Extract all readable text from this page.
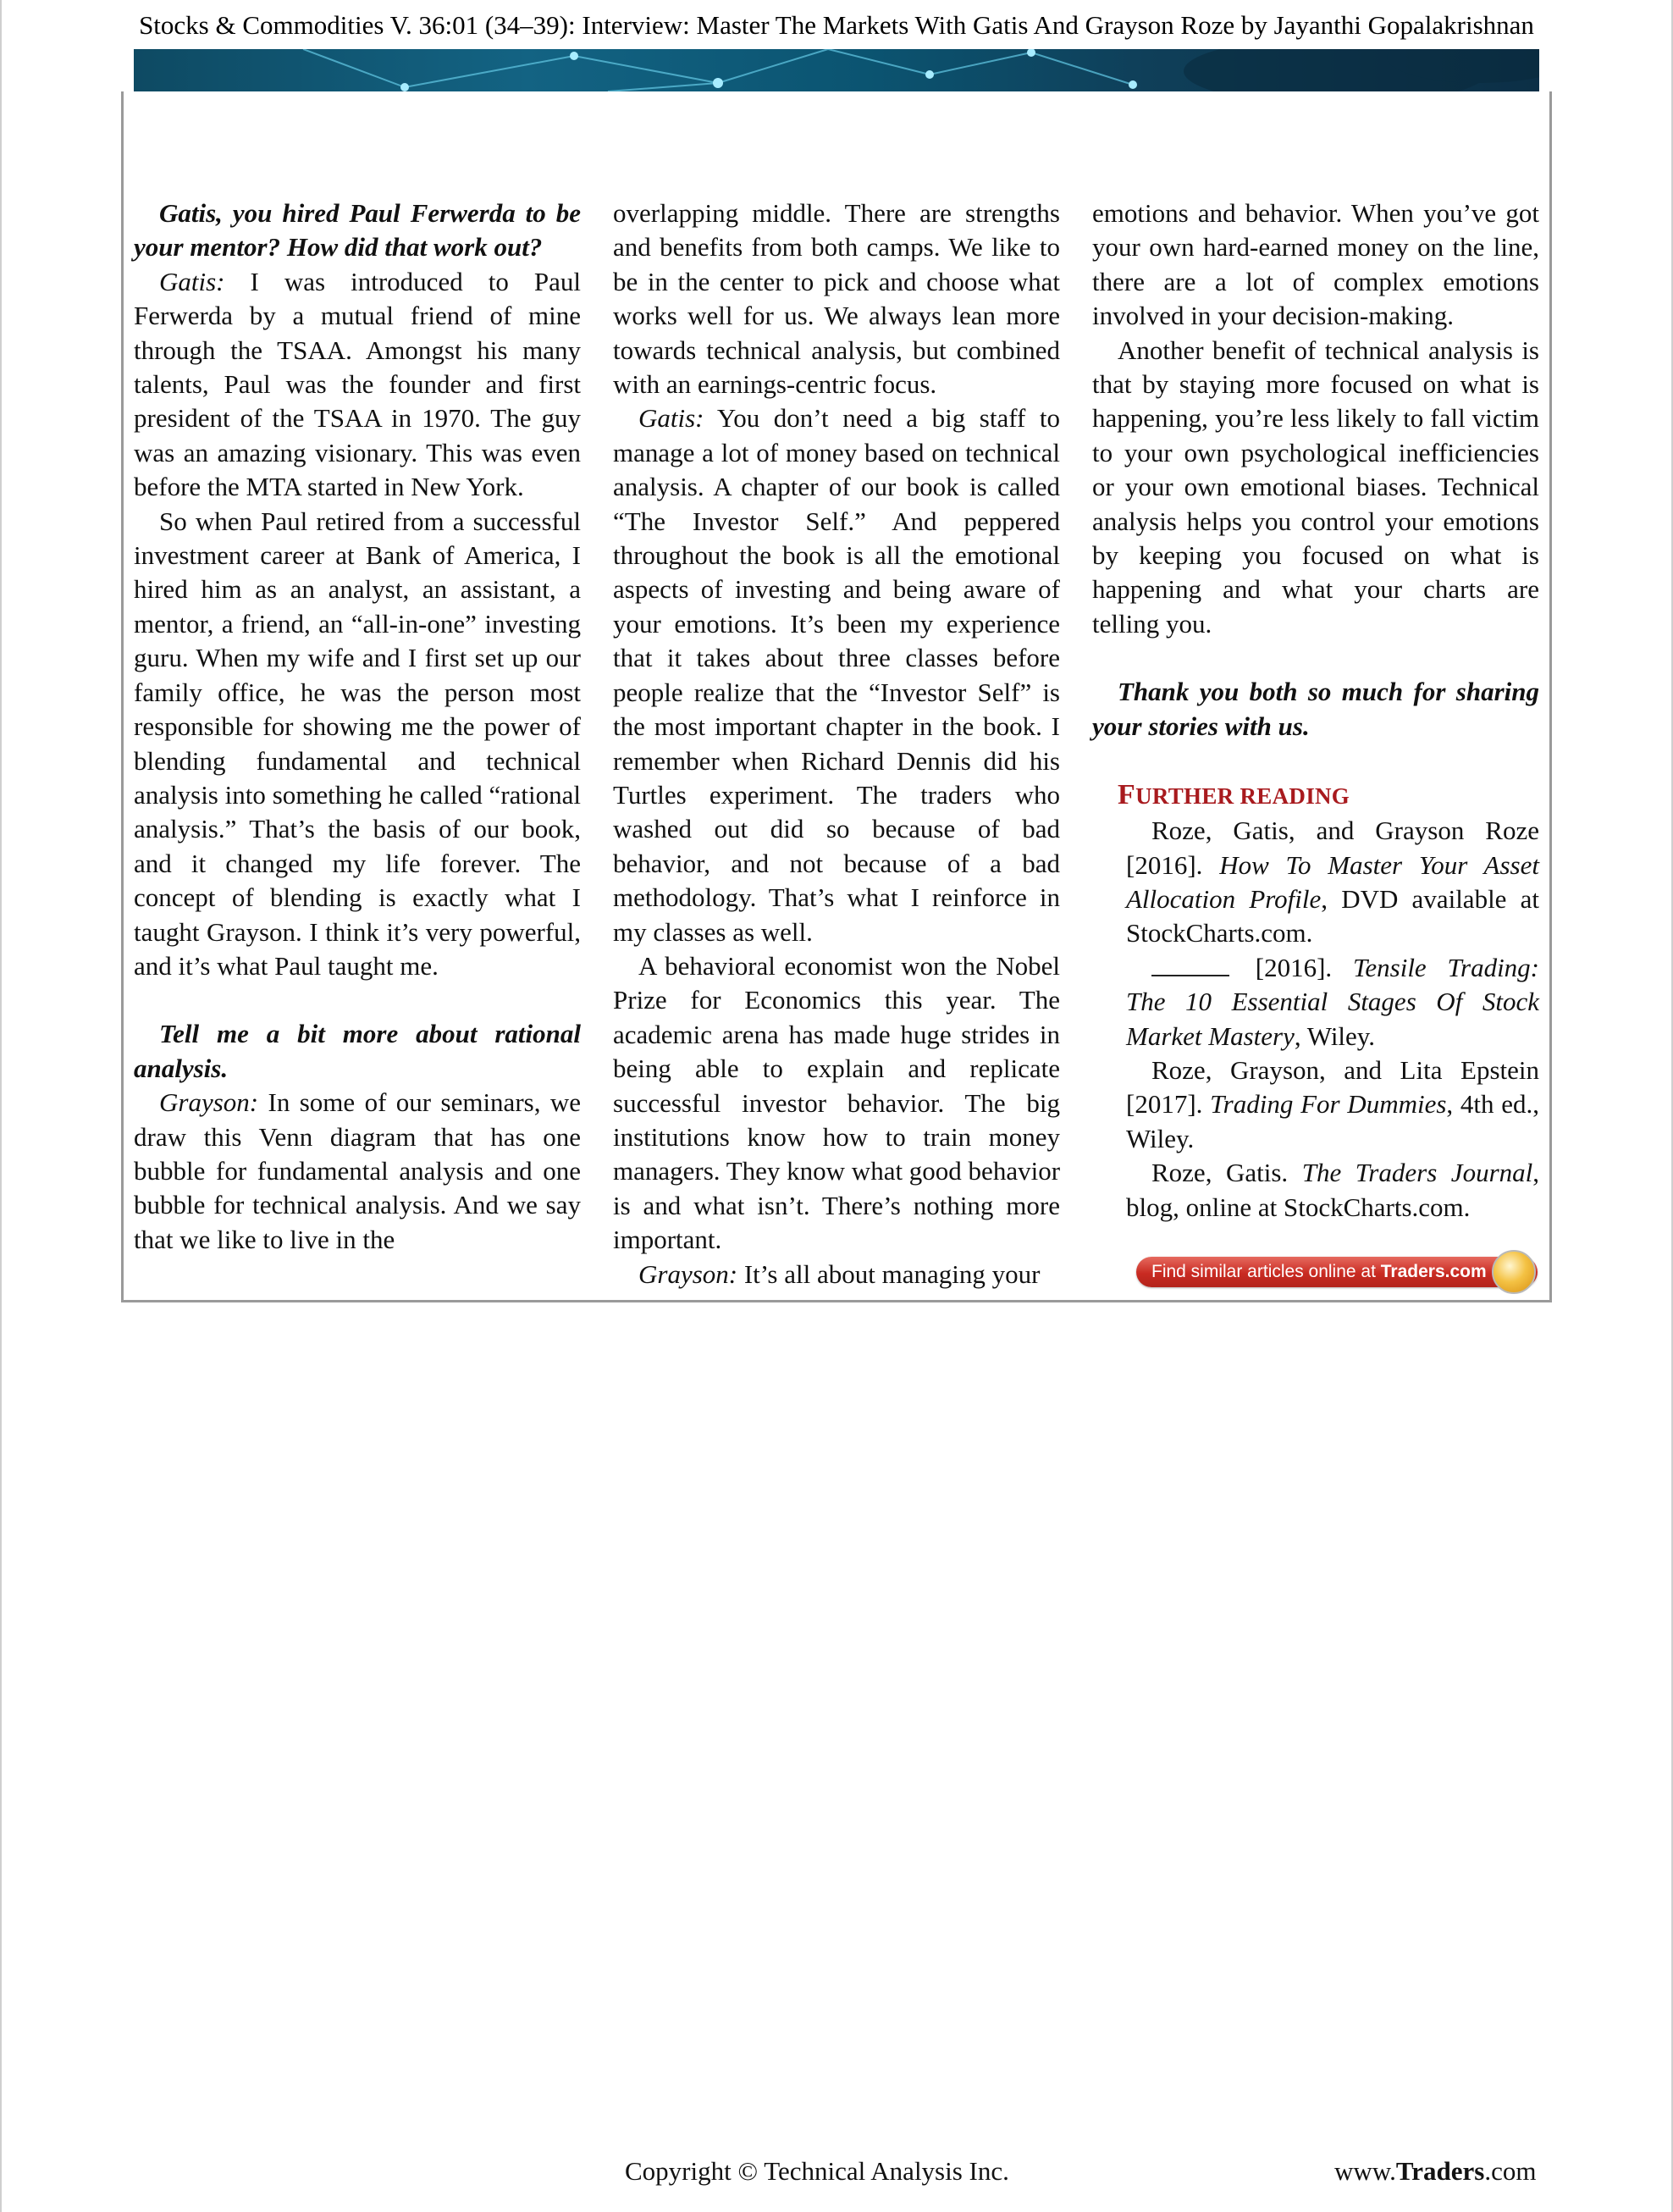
Stocks & Commodities V. 36:01 (34–39): Interview: Master The Markets With Gatis And Grayson Roze by Jayanthi Gopalakrishnan

Gatis, you hired Paul Ferwerda to be your mentor? How did that work out?

Gatis: I was introduced to Paul Ferwerda by a mutual friend of mine through the TSAA. Amongst his many talents, Paul was the founder and first president of the TSAA in 1970. The guy was an amazing visionary. This was even before the MTA started in New York.

So when Paul retired from a successful investment career at Bank of America, I hired him as an analyst, an assistant, a mentor, a friend, an “all-in-one” investing guru. When my wife and I first set up our family office, he was the person most responsible for showing me the power of blending fundamental and technical analysis into something he called “rational analysis.” That’s the basis of our book, and it changed my life forever. The concept of blending is exactly what I taught Grayson. I think it’s very powerful, and it’s what Paul taught me.

Tell me a bit more about rational analysis.

Grayson: In some of our seminars, we draw this Venn diagram that has one bubble for fundamental analysis and one bubble for technical analysis. And we say that we like to live in the

overlapping middle. There are strengths and benefits from both camps. We like to be in the center to pick and choose what works well for us. We always lean more towards technical analysis, but combined with an earnings-centric focus.

Gatis: You don’t need a big staff to manage a lot of money based on technical analysis. A chapter of our book is called “The Investor Self.” And peppered throughout the book is all the emotional aspects of investing and being aware of your emotions. It’s been my experience that it takes about three classes before people realize that the “Investor Self” is the most important chapter in the book. I remember when Richard Dennis did his Turtles experiment. The traders who washed out did so because of bad behavior, and not because of a bad methodology. That’s what I reinforce in my classes as well.

A behavioral economist won the Nobel Prize for Economics this year. The academic arena has made huge strides in being able to explain and replicate successful investor behavior. The big institutions know how to train money managers. They know what good behavior is and what isn’t. There’s nothing more important.

Grayson: It’s all about managing your

emotions and behavior. When you’ve got your own hard-earned money on the line, there are a lot of complex emotions involved in your decision-making.

Another benefit of technical analysis is that by staying more focused on what is happening, you’re less likely to fall victim to your own psychological inefficiencies or your own emotional biases. Technical analysis helps you control your emotions by keeping you focused on what is happening and what your charts are telling you.

Thank you both so much for sharing your stories with us.

FURTHER READING

Roze, Gatis, and Grayson Roze [2016]. How To Master Your Asset Allocation Profile, DVD available at StockCharts.com.

[2016]. Tensile Trading: The 10 Essential Stages Of Stock Market Mastery, Wiley.

Roze, Grayson, and Lita Epstein [2017]. Trading For Dummies, 4th ed., Wiley.

Roze, Gatis. The Traders Journal, blog, online at StockCharts.com.

Find similar articles online at Traders.com
Copyright © Technical Analysis Inc.	www.Traders.com
